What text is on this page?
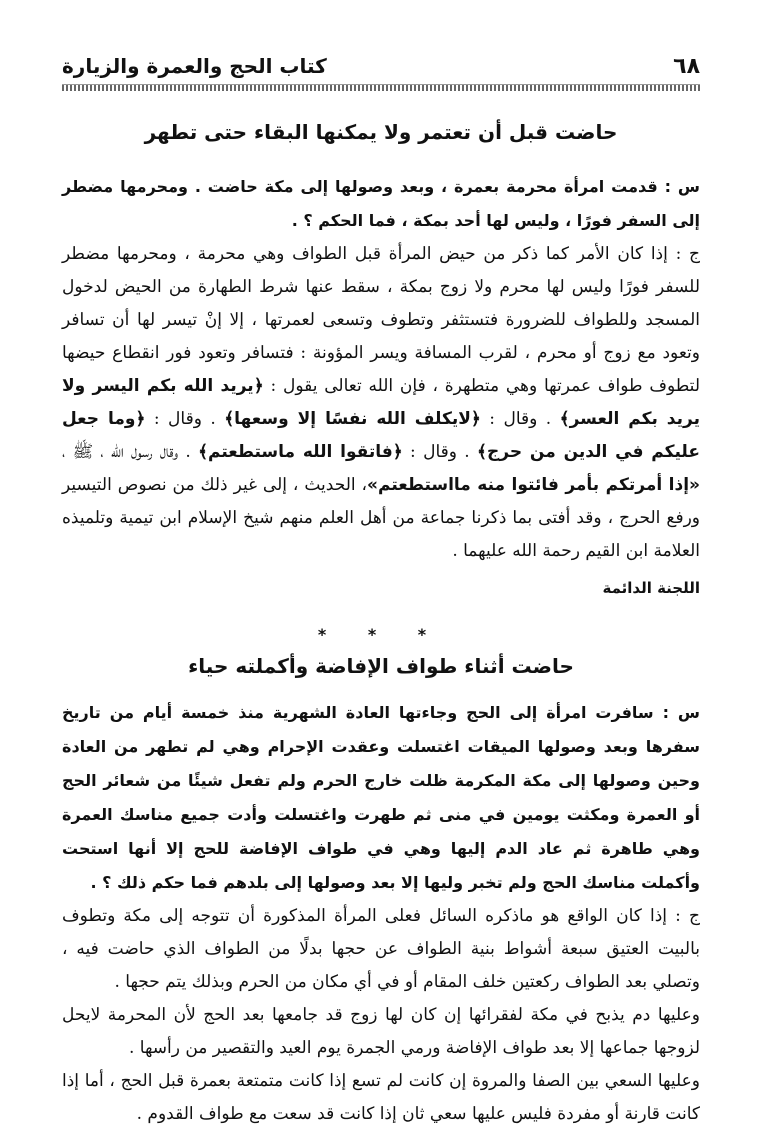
٦٨
كتاب الحج والعمرة والزيارة
حاضت قبل أن تعتمر ولا يمكنها البقاء حتى تطهر

س : قدمت امرأة محرمة بعمرة ، وبعد وصولها إلى مكة حاضت . ومحرمها مضطر إلى السفر فورًا ، وليس لها أحد بمكة ، فما الحكم ؟ .

ج : إذا كان الأمر كما ذكر من حيض المرأة قبل الطواف وهي محرمة ، ومحرمها مضطر للسفر فورًا وليس لها محرم ولا زوج بمكة ، سقط عنها شرط الطهارة من الحيض لدخول المسجد وللطواف للضرورة فتستثفر وتطوف وتسعى لعمرتها ، إلا إنْ تيسر لها أن تسافر وتعود مع زوج أو محرم ، لقرب المسافة ويسر المؤونة : فتسافر وتعود فور انقطاع حيضها لتطوف طواف عمرتها وهي متطهرة ، فإن الله تعالى يقول : ﴿يريد الله بكم اليسر ولا يريد بكم العسر﴾ . وقال : ﴿لايكلف الله نفسًا إلا وسعها﴾ . وقال : ﴿وما جعل عليكم في الدين من حرج﴾ . وقال : ﴿فاتقوا الله ماستطعتم﴾ . وقال رسول الله ، ﷺ ، «إذا أمرتكم بأمر فائتوا منه مااستطعتم»، الحديث ، إلى غير ذلك من نصوص التيسير ورفع الحرج ، وقد أفتى بما ذكرنا جماعة من أهل العلم منهم شيخ الإسلام ابن تيمية وتلميذه العلامة ابن القيم رحمة الله عليهما .

اللجنة الدائمة

* * *
حاضت أثناء طواف الإفاضة وأكملته حياء

س : سافرت امرأة إلى الحج وجاءتها العادة الشهرية منذ خمسة أيام من تاريخ سفرها وبعد وصولها الميقات اغتسلت وعقدت الإحرام وهي لم تطهر من العادة وحين وصولها إلى مكة المكرمة ظلت خارج الحرم ولم تفعل شيئًا من شعائر الحج أو العمرة ومكثت يومين في منى ثم طهرت واغتسلت وأدت جميع مناسك العمرة وهي طاهرة ثم عاد الدم إليها وهي في طواف الإفاضة للحج إلا أنها استحت وأكملت مناسك الحج ولم تخبر وليها إلا بعد وصولها إلى بلدهم فما حكم ذلك ؟ .

ج : إذا كان الواقع هو ماذكره السائل فعلى المرأة المذكورة أن تتوجه إلى مكة وتطوف بالبيت العتيق سبعة أشواط بنية الطواف عن حجها بدلًا من الطواف الذي حاضت فيه ، وتصلي بعد الطواف ركعتين خلف المقام أو في أي مكان من الحرم وبذلك يتم حجها .

وعليها دم يذبح في مكة لفقرائها إن كان لها زوج قد جامعها بعد الحج لأن المحرمة لايحل لزوجها جماعها إلا بعد طواف الإفاضة ورمي الجمرة يوم العيد والتقصير من رأسها .

وعليها السعي بين الصفا والمروة إن كانت لم تسع إذا كانت متمتعة بعمرة قبل الحج ، أما إذا كانت قارنة أو مفردة فليس عليها سعي ثان إذا كانت قد سعت مع طواف القدوم .
